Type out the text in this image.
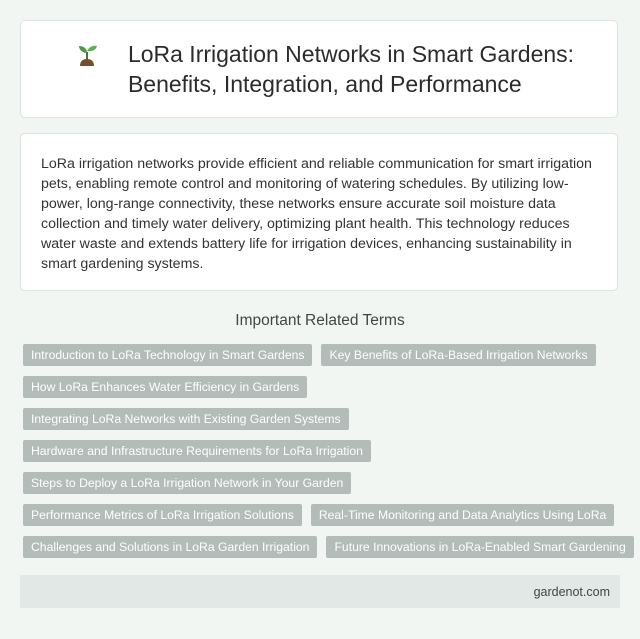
LoRa Irrigation Networks in Smart Gardens:
Benefits, Integration, and Performance

LoRa irrigation networks provide efficient and reliable communication for smart irrigation pets, enabling remote control and monitoring of watering schedules. By utilizing low-power, long-range connectivity, these networks ensure accurate soil moisture data collection and timely water delivery, optimizing plant health. This technology reduces water waste and extends battery life for irrigation devices, enhancing sustainability in smart gardening systems.

Important Related Terms
Introduction to LoRa Technology in Smart Gardens	Key Benefits of LoRa-Based Irrigation Networks
How LoRa Enhances Water Efficiency in Gardens
Integrating LoRa Networks with Existing Garden Systems
Hardware and Infrastructure Requirements for LoRa Irrigation
Steps to Deploy a LoRa Irrigation Network in Your Garden
Performance Metrics of LoRa Irrigation Solutions	Real-Time Monitoring and Data Analytics Using LoRa
Challenges and Solutions in LoRa Garden Irrigation	Future Innovations in LoRa-Enabled Smart Gardening
gardenot.com
